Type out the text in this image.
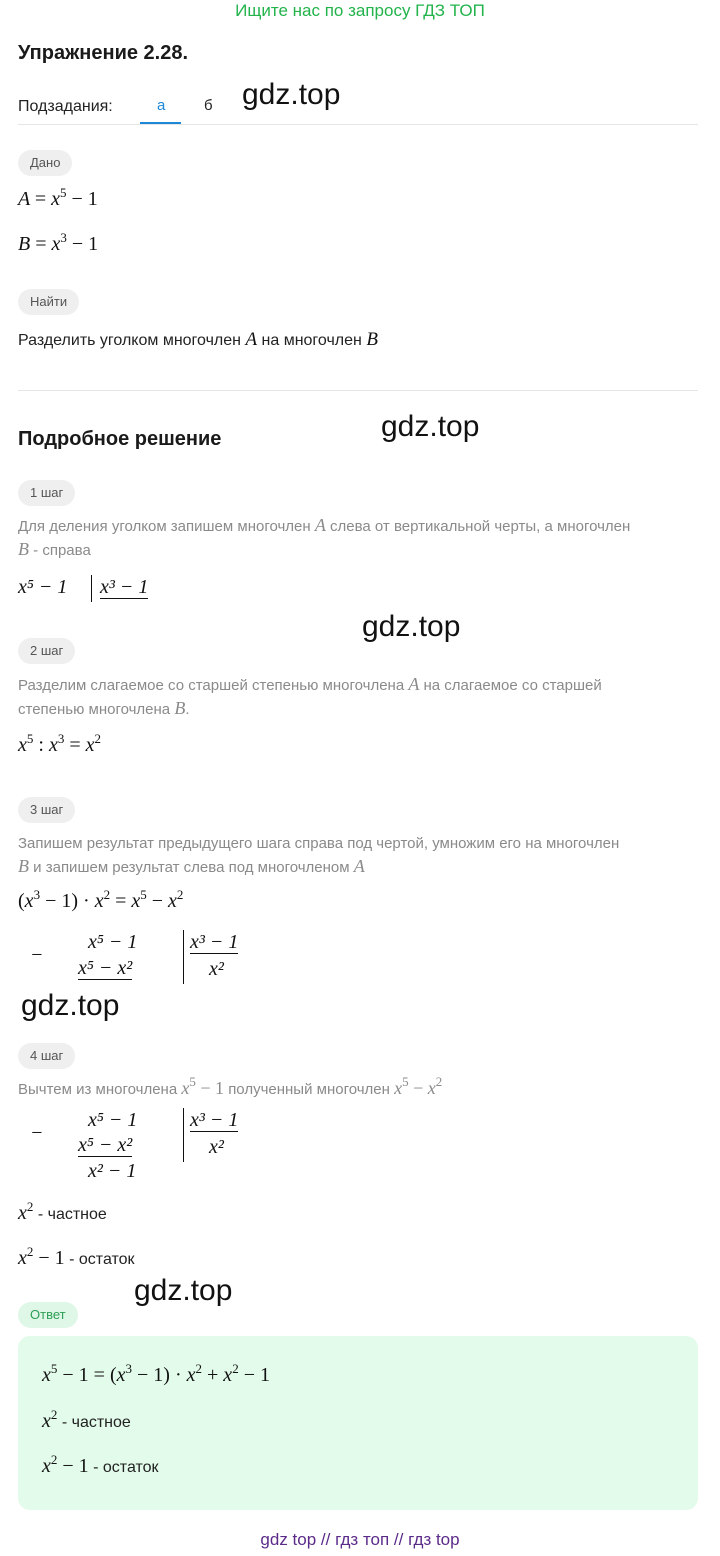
Ищите нас по запросу ГДЗ ТОП
Упражнение 2.28.
Подзадания:	а	б gdz.top
gdz.top
gdz.top
gdz.top
gdz.top
Дано
$A = x^5 - 1$
$B = x^3 - 1$
Найти
Разделить уголком многочлен A на многочлен B
Подробное решение
1 шаг
Для деления уголком запишем многочлен A слева от вертикальной черты, а многочлен
B - справа
x⁵ − 1 x³ − 1
2 шаг
Разделим слагаемое со старшей степенью многочлена A на слагаемое со старшей
степенью многочлена B.
$x^5$ : $x^3 = x^2$
3 шаг
Запишем результат предыдущего шага справа под чертой, умножим его на многочлен
B и запишем результат слева под многочленом A
$(x^3 - 1) \cdot x^2 = x^5 - x^2$
−
x⁵ − 1
x⁵ − x²
x³ − 1
x²
4 шаг
Вычтем из многочлена $x^5 - 1$ полученный многочлен $x^5 - x^2$
−
x⁵ − 1
x⁵ − x²
x² − 1
x³ − 1
x²
$x^2$ - частное
$x^2 - 1$ - остаток
Ответ
$x^5 - 1 = (x^3 - 1) \cdot x^2 + x^2 - 1$
$x^2$ - частное
$x^2 - 1$ - остаток
gdz top // гдз топ // гдз top
